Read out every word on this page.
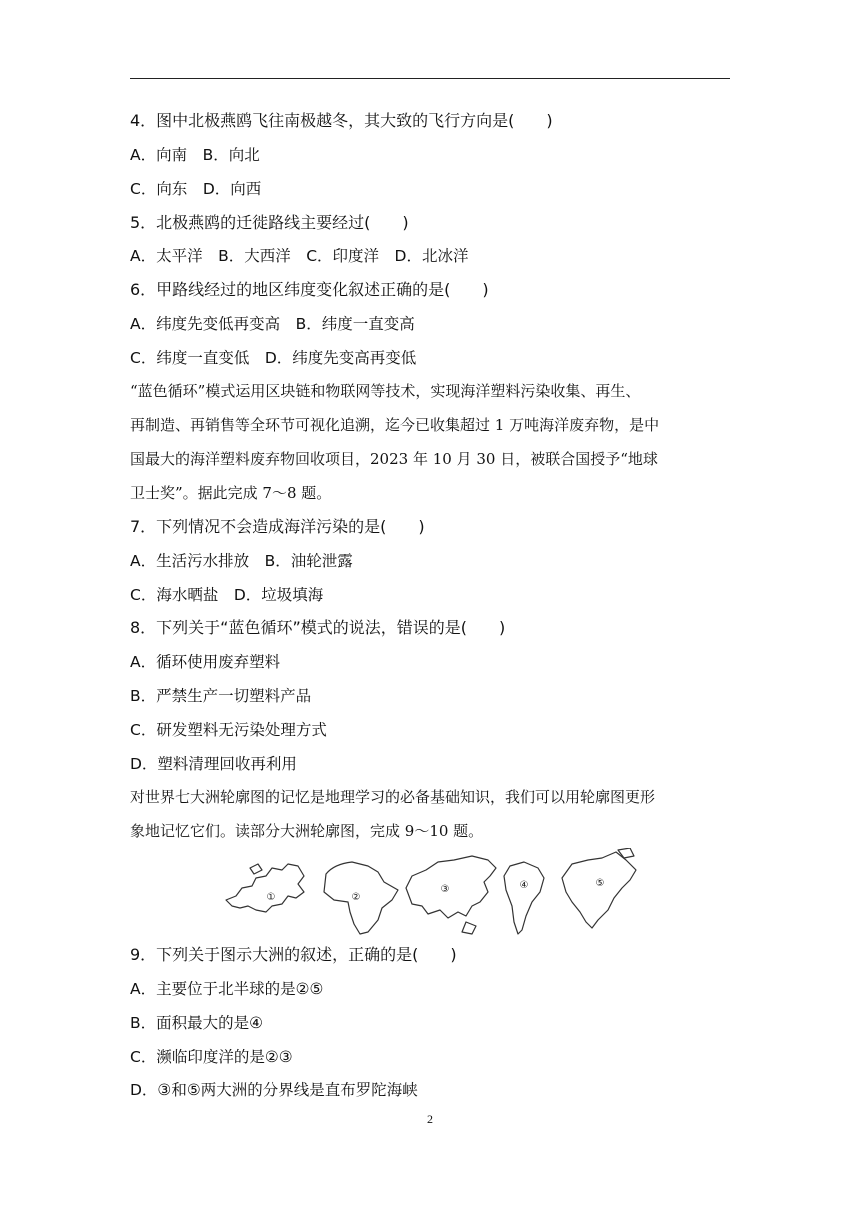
4．图中北极燕鸥飞往南极越冬，其大致的飞行方向是(　　)
A．向南　B．向北
C．向东　D．向西
5．北极燕鸥的迁徙路线主要经过(　　)
A．太平洋　B．大西洋　C．印度洋　D．北冰洋
6．甲路线经过的地区纬度变化叙述正确的是(　　)
A．纬度先变低再变高　B．纬度一直变高
C．纬度一直变低　D．纬度先变高再变低
“蓝色循环”模式运用区块链和物联网等技术，实现海洋塑料污染收集、再生、
再制造、再销售等全环节可视化追溯，迄今已收集超过 1 万吨海洋废弃物，是中
国最大的海洋塑料废弃物回收项目，2023 年 10 月 30 日，被联合国授予“地球
卫士奖”。据此完成 7～8 题。
7．下列情况不会造成海洋污染的是(　　)
A．生活污水排放　B．油轮泄露
C．海水晒盐　D．垃圾填海
8．下列关于“蓝色循环”模式的说法，错误的是(　　)
A．循环使用废弃塑料
B．严禁生产一切塑料产品
C．研发塑料无污染处理方式
D．塑料清理回收再利用
对世界七大洲轮廓图的记忆是地理学习的必备基础知识，我们可以用轮廓图更形
象地记忆它们。读部分大洲轮廓图，完成 9～10 题。
①	②
③	④	⑤
9．下列关于图示大洲的叙述，正确的是(　　)
A．主要位于北半球的是②⑤
B．面积最大的是④
C．濒临印度洋的是②③
D．③和⑤两大洲的分界线是直布罗陀海峡
2
